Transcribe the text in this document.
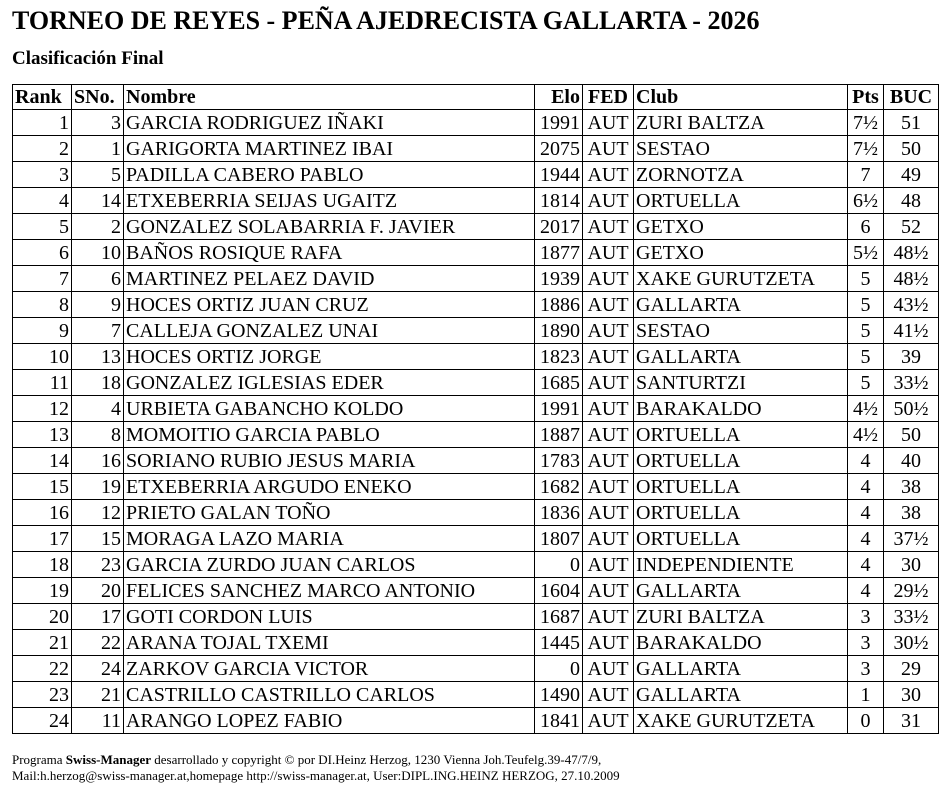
TORNEO DE REYES - PEÑA AJEDRECISTA GALLARTA - 2026
Clasificación Final
Rank	SNo.	Nombre	Elo	FED	Club	Pts	BUC
1	3	GARCIA RODRIGUEZ IÑAKI	1991	AUT	ZURI BALTZA	7½	51
2	1	GARIGORTA MARTINEZ IBAI	2075	AUT	SESTAO	7½	50
3	5	PADILLA CABERO PABLO	1944	AUT	ZORNOTZA	7	49
4	14	ETXEBERRIA SEIJAS UGAITZ	1814	AUT	ORTUELLA	6½	48
5	2	GONZALEZ SOLABARRIA F. JAVIER	2017	AUT	GETXO	6	52
6	10	BAÑOS ROSIQUE RAFA	1877	AUT	GETXO	5½	48½
7	6	MARTINEZ PELAEZ DAVID	1939	AUT	XAKE GURUTZETA	5	48½
8	9	HOCES ORTIZ JUAN CRUZ	1886	AUT	GALLARTA	5	43½
9	7	CALLEJA GONZALEZ UNAI	1890	AUT	SESTAO	5	41½
10	13	HOCES ORTIZ JORGE	1823	AUT	GALLARTA	5	39
11	18	GONZALEZ IGLESIAS EDER	1685	AUT	SANTURTZI	5	33½
12	4	URBIETA GABANCHO KOLDO	1991	AUT	BARAKALDO	4½	50½
13	8	MOMOITIO GARCIA PABLO	1887	AUT	ORTUELLA	4½	50
14	16	SORIANO RUBIO JESUS MARIA	1783	AUT	ORTUELLA	4	40
15	19	ETXEBERRIA ARGUDO ENEKO	1682	AUT	ORTUELLA	4	38
16	12	PRIETO GALAN TOÑO	1836	AUT	ORTUELLA	4	38
17	15	MORAGA LAZO MARIA	1807	AUT	ORTUELLA	4	37½
18	23	GARCIA ZURDO JUAN CARLOS	0	AUT	INDEPENDIENTE	4	30
19	20	FELICES SANCHEZ MARCO ANTONIO	1604	AUT	GALLARTA	4	29½
20	17	GOTI CORDON LUIS	1687	AUT	ZURI BALTZA	3	33½
21	22	ARANA TOJAL TXEMI	1445	AUT	BARAKALDO	3	30½
22	24	ZARKOV GARCIA VICTOR	0	AUT	GALLARTA	3	29
23	21	CASTRILLO CASTRILLO CARLOS	1490	AUT	GALLARTA	1	30
24	11	ARANGO LOPEZ FABIO	1841	AUT	XAKE GURUTZETA	0	31
Programa Swiss-Manager desarrollado y copyright © por DI.Heinz Herzog, 1230 Vienna Joh.Teufelg.39-47/7/9,
Mail:h.herzog@swiss-manager.at,homepage http://swiss-manager.at, User:DIPL.ING.HEINZ HERZOG, 27.10.2009
